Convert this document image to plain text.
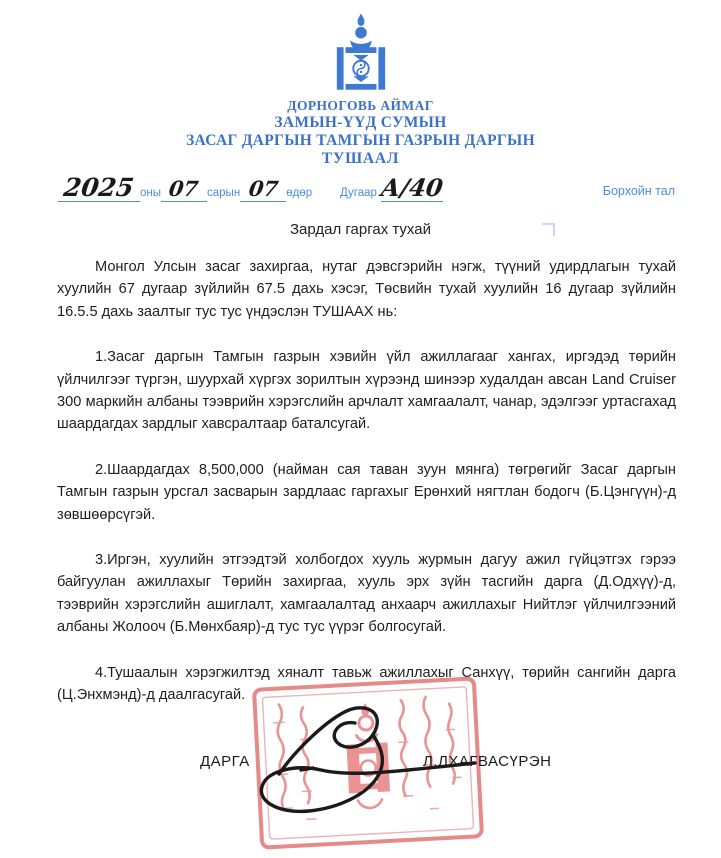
ДОРНОГОВЬ АЙМАГ
ЗАМЫН-ҮҮД СУМЫН
ЗАСАГ ДАРГЫН ТАМГЫН ГАЗРЫН ДАРГЫН
ТУШААЛ
2025 оны 07 сарын 07 өдөр Дугаар А/40	Борхойн тал
Зардал гаргах тухай

Монгол Улсын засаг захиргаа, нутаг дэвсгэрийн нэгж, түүний удирдлагын тухай хуулийн 67 дугаар зүйлийн 67.5 дахь хэсэг, Төсвийн тухай хуулийн 16 дугаар зүйлийн 16.5.5 дахь заалтыг тус тус үндэслэн ТУШААХ нь:

1.Засаг даргын Тамгын газрын хэвийн үйл ажиллагааг хангах, иргэдэд төрийн үйлчилгээг түргэн, шуурхай хүргэх зорилтын хүрээнд шинээр худалдан авсан Land Cruiser 300 маркийн албаны тээврийн хэрэгслийн арчлалт хамгаалалт, чанар, эдэлгээг уртасгахад шаардагдах зардлыг хавсралтаар баталсугай.

2.Шаардагдах 8,500,000 (найман сая таван зуун мянга) төгрөгийг Засаг даргын Тамгын газрын урсгал засварын зардлаас гаргахыг Ерөнхий нягтлан бодогч (Б.Цэнгүүн)-д зөвшөөрсүгэй.

3.Иргэн, хуулийн этгээдтэй холбогдох хууль журмын дагуу ажил гүйцэтгэх гэрээ байгуулан ажиллахыг Төрийн захиргаа, хууль эрх зүйн тасгийн дарга (Д.Одхүү)-д, тээврийн хэрэгслийн ашиглалт, хамгаалалтад анхаарч ажиллахыг Нийтлэг үйлчилгээний албаны Жолооч (Б.Мөнхбаяр)-д тус тус үүрэг болгосугай.

4.Тушаалын хэрэгжилтэд хяналт тавьж ажиллахыг Санхүү, төрийн сангийн дарга (Ц.Энхмэнд)-д даалгасугай.

ДАРГА	Л.ЛХАГВАСҮРЭН
